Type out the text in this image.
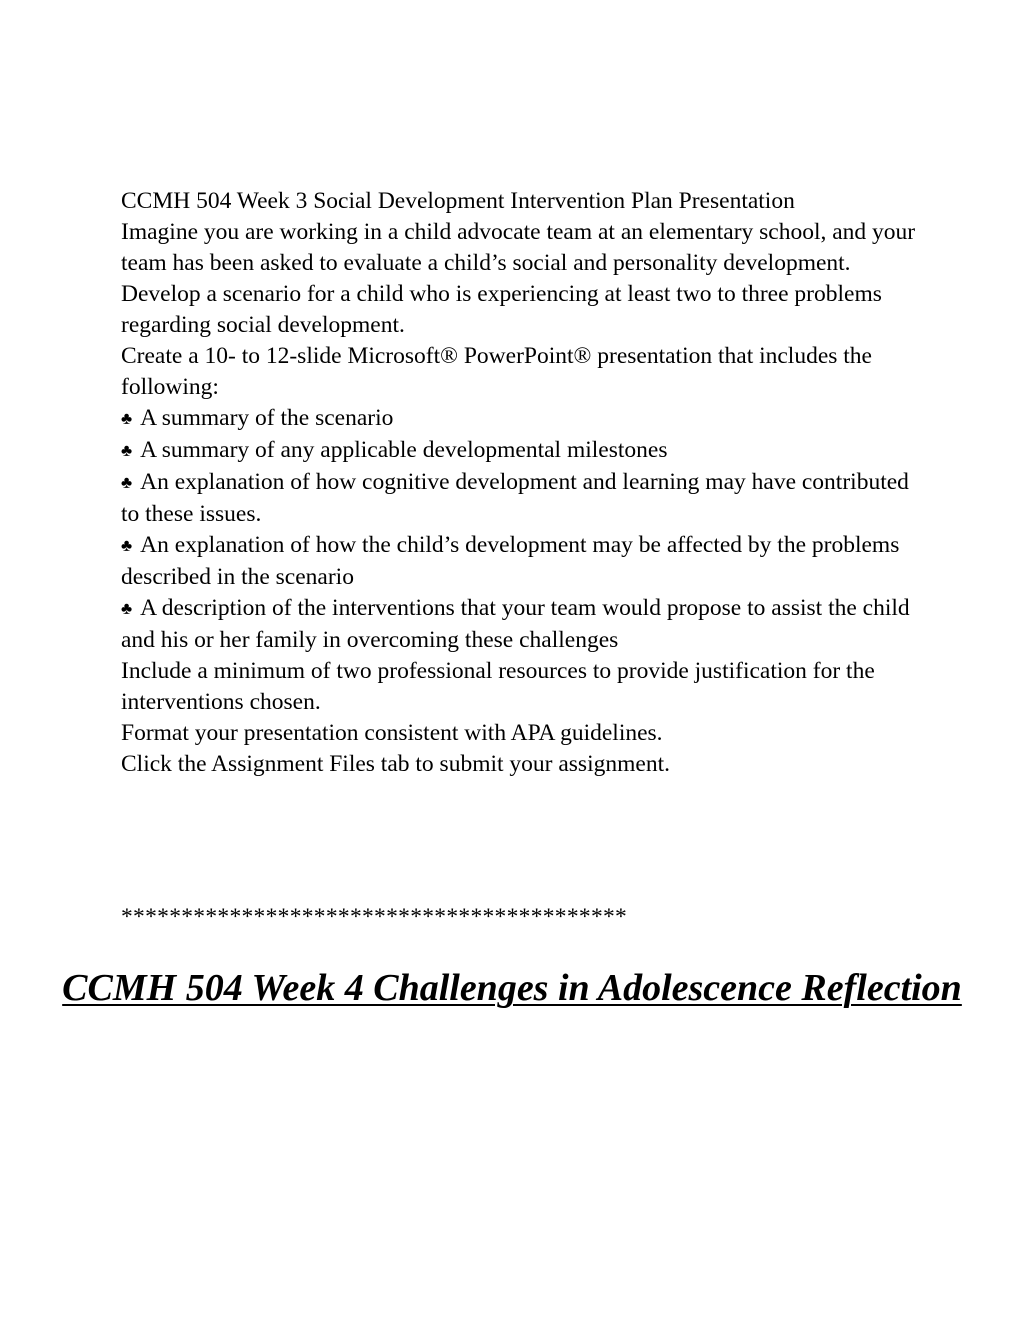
CCMH 504 Week 3 Social Development Intervention Plan Presentation

Imagine you are working in a child advocate team at an elementary school, and your team has been asked to evaluate a child’s social and personality development.

Develop a scenario for a child who is experiencing at least two to three problems regarding social development.

Create a 10- to 12-slide Microsoft® PowerPoint® presentation that includes the following:

♣ A summary of the scenario

♣ A summary of any applicable developmental milestones

♣ An explanation of how cognitive development and learning may have contributed to these issues.

♣ An explanation of how the child’s development may be affected by the problems described in the scenario

♣ A description of the interventions that your team would propose to assist the child and his or her family in overcoming these challenges

Include a minimum of two professional resources to provide justification for the interventions chosen.

Format your presentation consistent with APA guidelines.

Click the Assignment Files tab to submit your assignment.

******************************************
CCMH 504 Week 4 Challenges in Adolescence Reflection
